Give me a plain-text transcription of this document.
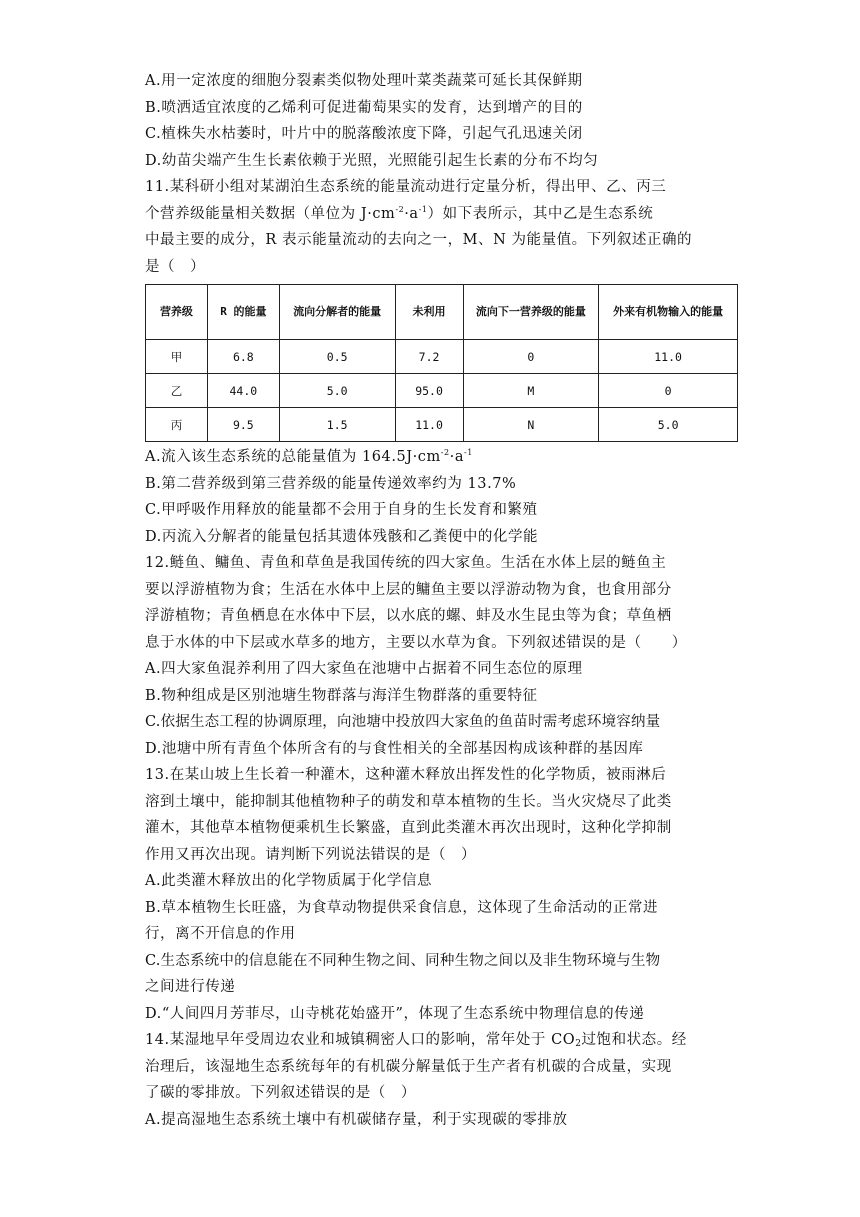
A.用一定浓度的细胞分裂素类似物处理叶菜类蔬菜可延长其保鲜期
B.喷洒适宜浓度的乙烯利可促进葡萄果实的发育，达到增产的目的
C.植株失水枯萎时，叶片中的脱落酸浓度下降，引起气孔迅速关闭
D.幼苗尖端产生生长素依赖于光照，光照能引起生长素的分布不均匀
11.某科研小组对某湖泊生态系统的能量流动进行定量分析，得出甲、乙、丙三
个营养级能量相关数据（单位为 $J\cdot cm^{-2}\cdot a^{-1}$）如下表所示，其中乙是生态系统
中最主要的成分，R 表示能量流动的去向之一，M、N 为能量值。下列叙述正确的
是（　）
营养级	R 的能量	流向分解者的能量	未利用	流向下一营养级的能量	外来有机物输入的能量

甲	6.8	0.5	7.2	0	11.0
乙	44.0	5.0	95.0	M	0
丙	9.5	1.5	11.0	N	5.0
A.流入该生态系统的总能量值为 $164.5J\cdot cm^{-2}\cdot a^{-1}$
B.第二营养级到第三营养级的能量传递效率约为 13.7%
C.甲呼吸作用释放的能量都不会用于自身的生长发育和繁殖
D.丙流入分解者的能量包括其遗体残骸和乙粪便中的化学能
12.鲢鱼、鳙鱼、青鱼和草鱼是我国传统的四大家鱼。生活在水体上层的鲢鱼主
要以浮游植物为食；生活在水体中上层的鳙鱼主要以浮游动物为食，也食用部分
浮游植物；青鱼栖息在水体中下层，以水底的螺、蚌及水生昆虫等为食；草鱼栖
息于水体的中下层或水草多的地方，主要以水草为食。下列叙述错误的是（　　）
A.四大家鱼混养利用了四大家鱼在池塘中占据着不同生态位的原理
B.物种组成是区别池塘生物群落与海洋生物群落的重要特征
C.依据生态工程的协调原理，向池塘中投放四大家鱼的鱼苗时需考虑环境容纳量
D.池塘中所有青鱼个体所含有的与食性相关的全部基因构成该种群的基因库
13.在某山坡上生长着一种灌木，这种灌木释放出挥发性的化学物质，被雨淋后
溶到土壤中，能抑制其他植物种子的萌发和草本植物的生长。当火灾烧尽了此类
灌木，其他草本植物便乘机生长繁盛，直到此类灌木再次出现时，这种化学抑制
作用又再次出现。请判断下列说法错误的是（　）
A.此类灌木释放出的化学物质属于化学信息
B.草本植物生长旺盛，为食草动物提供采食信息，这体现了生命活动的正常进
行，离不开信息的作用
C.生态系统中的信息能在不同种生物之间、同种生物之间以及非生物环境与生物
之间进行传递
D.“人间四月芳菲尽，山寺桃花始盛开”，体现了生态系统中物理信息的传递
14.某湿地早年受周边农业和城镇稠密人口的影响，常年处于 $CO_2$过饱和状态。经
治理后，该湿地生态系统每年的有机碳分解量低于生产者有机碳的合成量，实现
了碳的零排放。下列叙述错误的是（　）
A.提高湿地生态系统土壤中有机碳储存量，利于实现碳的零排放
